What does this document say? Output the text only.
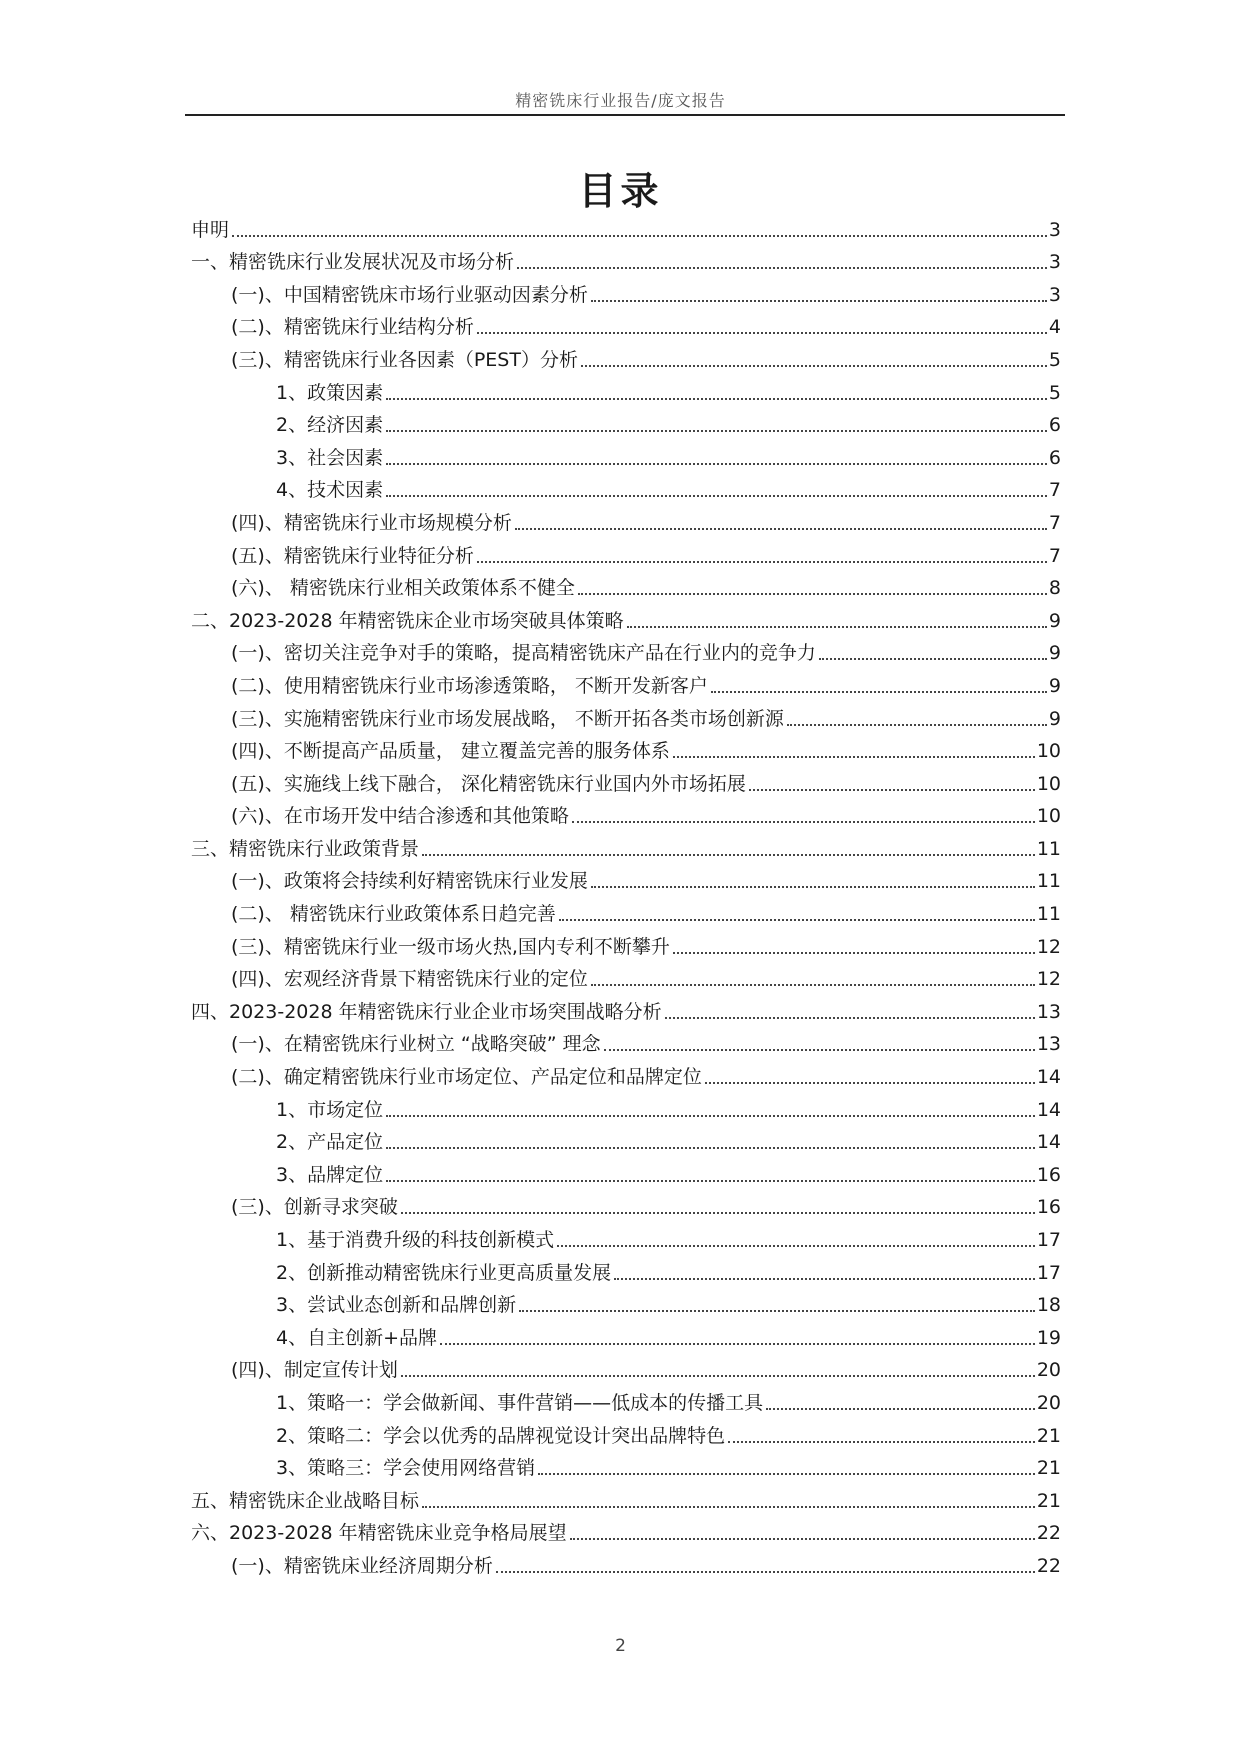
精密铣床行业报告/庞文报告
目录
申明	3
一、精密铣床行业发展状况及市场分析	3
(一)、中国精密铣床市场行业驱动因素分析	3
(二)、精密铣床行业结构分析	4
(三)、精密铣床行业各因素（PEST）分析	5
1、政策因素	5
2、经济因素	6
3、社会因素	6
4、技术因素	7
(四)、精密铣床行业市场规模分析	7
(五)、精密铣床行业特征分析	7
(六)、 精密铣床行业相关政策体系不健全	8
二、2023-2028 年精密铣床企业市场突破具体策略	9
(一)、密切关注竞争对手的策略，提高精密铣床产品在行业内的竞争力	9
(二)、使用精密铣床行业市场渗透策略， 不断开发新客户	9
(三)、实施精密铣床行业市场发展战略， 不断开拓各类市场创新源	9
(四)、不断提高产品质量， 建立覆盖完善的服务体系	10
(五)、实施线上线下融合， 深化精密铣床行业国内外市场拓展	10
(六)、在市场开发中结合渗透和其他策略	10
三、精密铣床行业政策背景	11
(一)、政策将会持续利好精密铣床行业发展	11
(二)、 精密铣床行业政策体系日趋完善	11
(三)、精密铣床行业一级市场火热,国内专利不断攀升	12
(四)、宏观经济背景下精密铣床行业的定位	12
四、2023-2028 年精密铣床行业企业市场突围战略分析	13
(一)、在精密铣床行业树立 “战略突破” 理念	13
(二)、确定精密铣床行业市场定位、产品定位和品牌定位	14
1、市场定位	14
2、产品定位	14
3、品牌定位	16
(三)、创新寻求突破	16
1、基于消费升级的科技创新模式	17
2、创新推动精密铣床行业更高质量发展	17
3、尝试业态创新和品牌创新	18
4、自主创新+品牌	19
(四)、制定宣传计划	20
1、策略一：学会做新闻、事件营销——低成本的传播工具	20
2、策略二：学会以优秀的品牌视觉设计突出品牌特色	21
3、策略三：学会使用网络营销	21
五、精密铣床企业战略目标	21
六、2023-2028 年精密铣床业竞争格局展望	22
(一)、精密铣床业经济周期分析	22
2
